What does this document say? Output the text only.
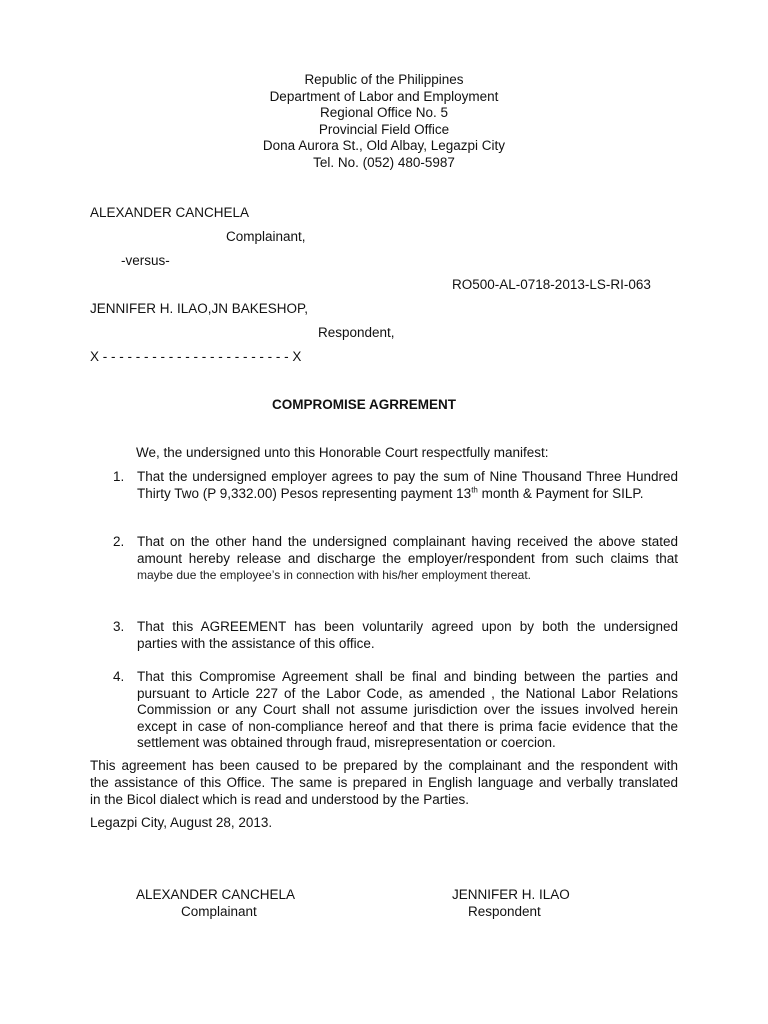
Republic of the Philippines
Department of Labor and Employment
Regional Office No. 5
Provincial Field Office
Dona Aurora St., Old Albay, Legazpi City
Tel. No. (052) 480-5987
ALEXANDER CANCHELA
Complainant,
-versus-
RO500-AL-0718-2013-LS-RI-063
JENNIFER H. ILAO,JN BAKESHOP,
Respondent,
X - - - - - - - - - - - - - - - - - - - - - - - X
COMPROMISE AGRREMENT
We, the undersigned unto this Honorable Court respectfully manifest:
1. That the undersigned employer agrees to pay the sum of Nine Thousand Three Hundred
Thirty Two (P 9,332.00) Pesos representing payment 13th month & Payment for SILP.
2. That on the other hand the undersigned complainant having received the above stated
amount hereby release and discharge the employer/respondent from such claims that
maybe due the employee’s in connection with his/her employment thereat.
3. That this AGREEMENT has been voluntarily agreed upon by both the undersigned
parties with the assistance of this office.
4. That this Compromise Agreement shall be final and binding between the parties and
pursuant to Article 227 of the Labor Code, as amended , the National Labor Relations
Commission or any Court shall not assume jurisdiction over the issues involved herein
except in case of non-compliance hereof and that there is prima facie evidence that the
settlement was obtained through fraud, misrepresentation or coercion.
This agreement has been caused to be prepared by the complainant and the respondent with
the assistance of this Office. The same is prepared in English language and verbally translated
in the Bicol dialect which is read and understood by the Parties.
Legazpi City, August 28, 2013.
ALEXANDER CANCHELA
Complainant
JENNIFER H. ILAO
Respondent
